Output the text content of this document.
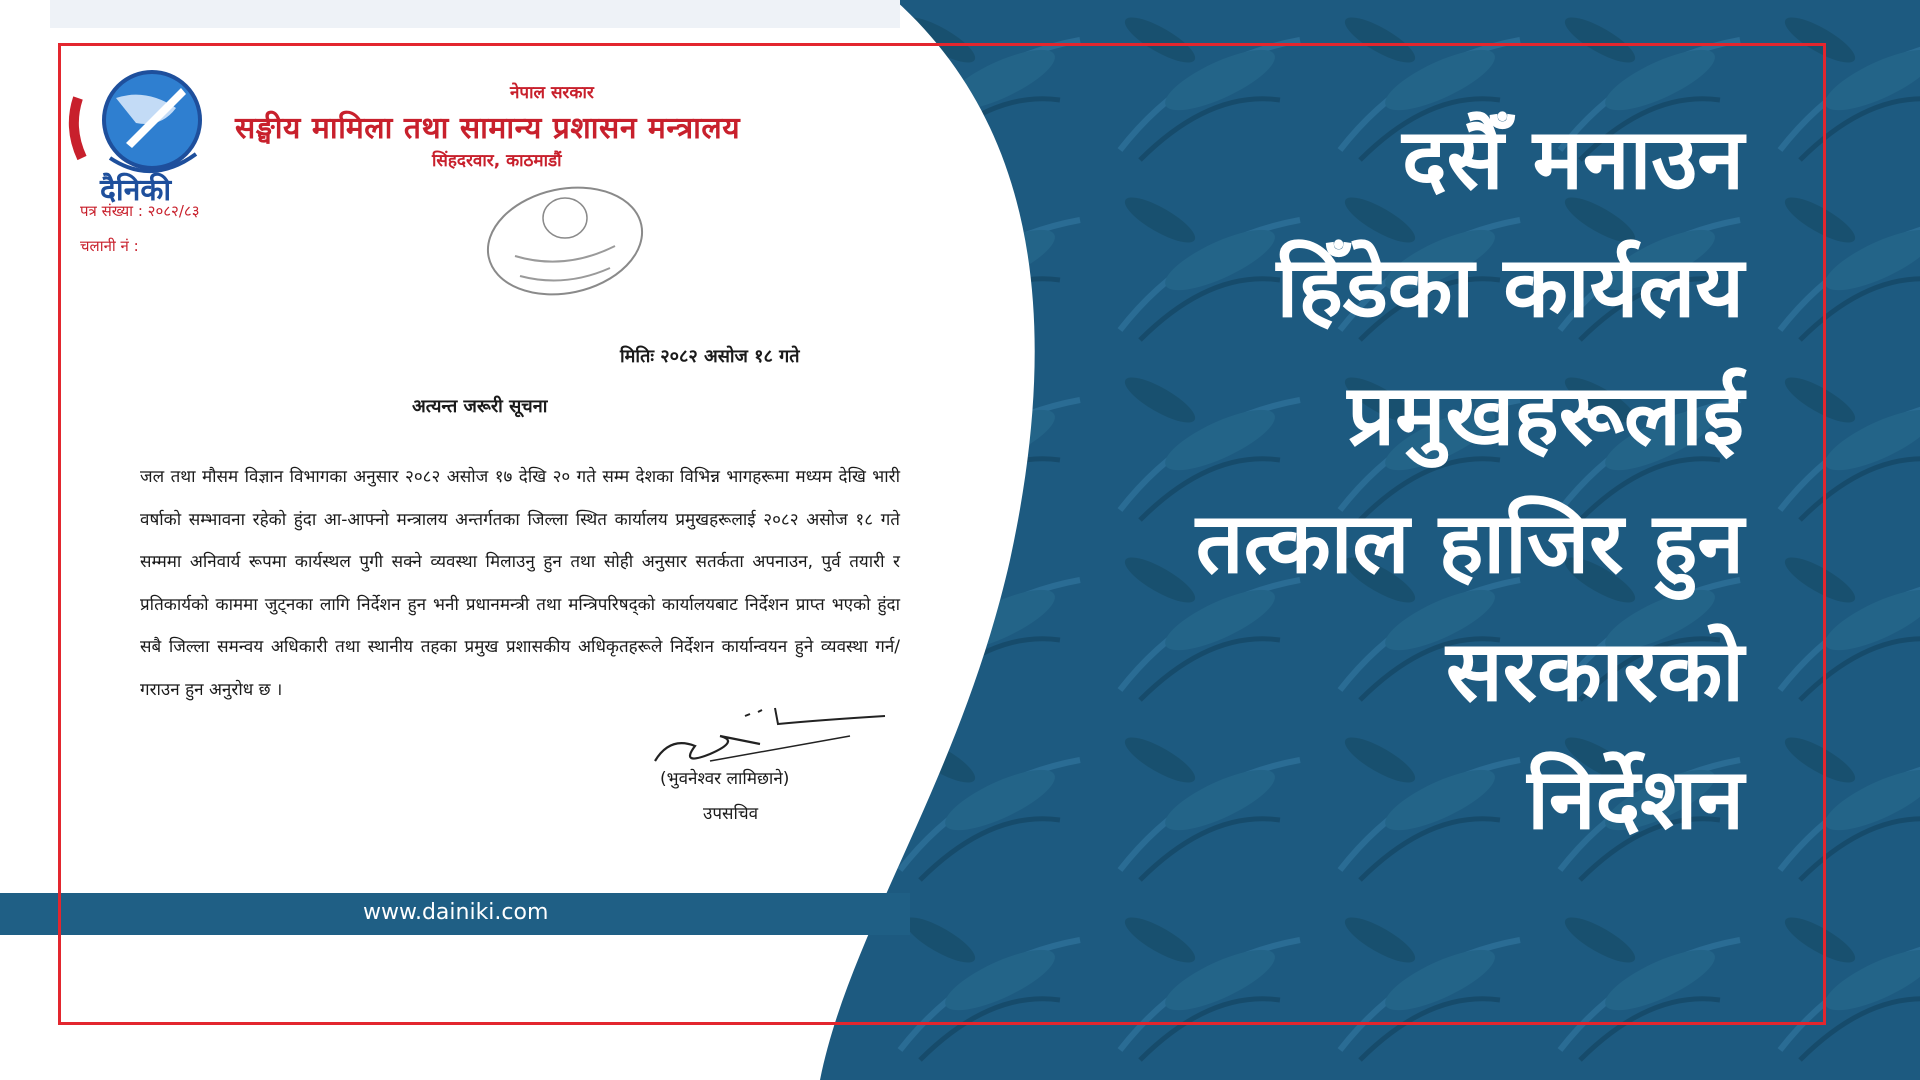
नेपाल सरकार
सङ्घीय मामिला तथा सामान्य प्रशासन मन्त्रालय
सिंहदरवार, काठमाडौं
पत्र संख्या : २०८२/८३
चलानी नं :
मितिः २०८२ असोज १८ गते
अत्यन्त जरूरी सूचना
जल तथा मौसम विज्ञान विभागका अनुसार २०८२ असोज १७ देखि २० गते सम्म देशका विभिन्न भागहरूमा मध्यम देखि भारी वर्षाको सम्भावना रहेको हुंदा आ-आफ्नो मन्त्रालय अन्तर्गतका जिल्ला स्थित कार्यालय प्रमुखहरूलाई २०८२ असोज १८ गते सम्ममा अनिवार्य रूपमा कार्यस्थल पुगी सक्ने व्यवस्था मिलाउनु हुन तथा सोही अनुसार सतर्कता अपनाउन, पुर्व तयारी र प्रतिकार्यको काममा जुट्नका लागि निर्देशन हुन भनी प्रधानमन्त्री तथा मन्त्रिपरिषद्को कार्यालयबाट निर्देशन प्राप्त भएको हुंदा सबै जिल्ला समन्वय अधिकारी तथा स्थानीय तहका प्रमुख प्रशासकीय अधिकृतहरूले निर्देशन कार्यान्वयन हुने व्यवस्था गर्न/गराउन हुन अनुरोध छ ।
(भुवनेश्वर लामिछाने)
उपसचिव
दैनिकी
www.dainiki.com
दसैँ मनाउन
हिँडेका कार्यलय
प्रमुखहरूलाई
तत्काल हाजिर हुन
सरकारको
निर्देशन
